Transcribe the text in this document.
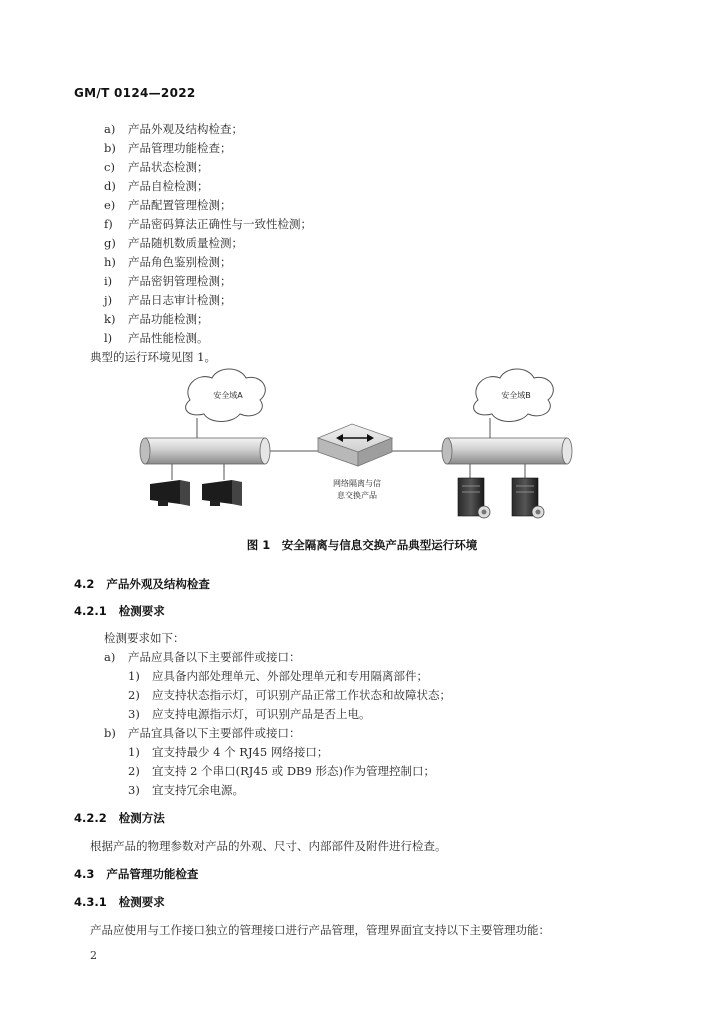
GM/T 0124—2022
a) 产品外观及结构检查；
b) 产品管理功能检查；
c) 产品状态检测；
d) 产品自检检测；
e) 产品配置管理检测；
f) 产品密码算法正确性与一致性检测；
g) 产品随机数质量检测；
h) 产品角色鉴别检测；
i) 产品密钥管理检测；
j) 产品日志审计检测；
k) 产品功能检测；
l) 产品性能检测。
典型的运行环境见图 1。
安全域A	安全域B
网络隔离与信
息交换产品
图 1　安全隔离与信息交换产品典型运行环境
4.2 产品外观及结构检查
4.2.1 检测要求
检测要求如下：
a) 产品应具备以下主要部件或接口：
1) 应具备内部处理单元、外部处理单元和专用隔离部件；
2) 应支持状态指示灯，可识别产品正常工作状态和故障状态；
3) 应支持电源指示灯，可识别产品是否上电。
b) 产品宜具备以下主要部件或接口：
1) 宜支持最少 4 个 RJ45 网络接口；
2) 宜支持 2 个串口(RJ45 或 DB9 形态)作为管理控制口；
3) 宜支持冗余电源。
4.2.2 检测方法
根据产品的物理参数对产品的外观、尺寸、内部部件及附件进行检查。
4.3 产品管理功能检查
4.3.1 检测要求
产品应使用与工作接口独立的管理接口进行产品管理，管理界面宜支持以下主要管理功能：
2
